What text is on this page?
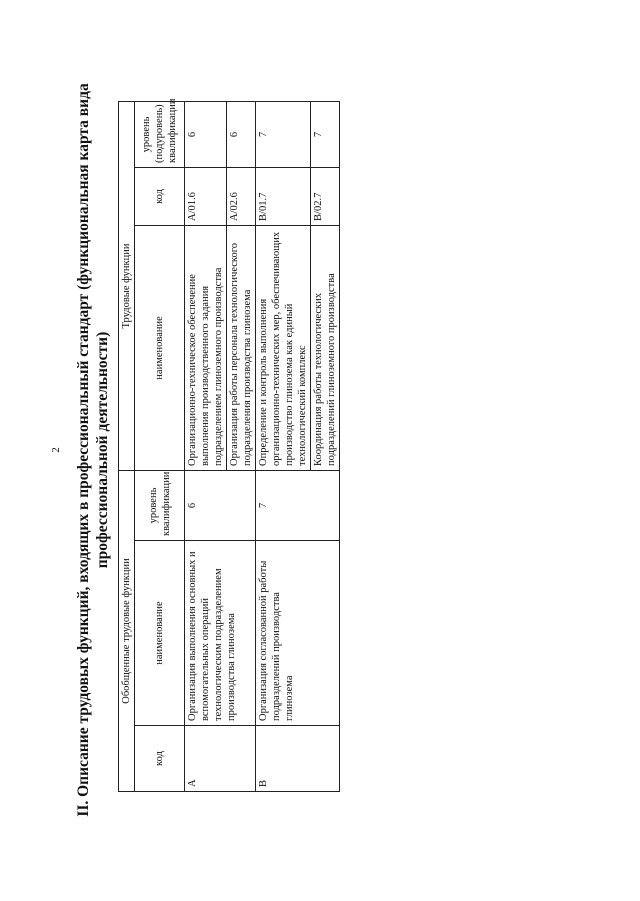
2 II. Описание трудовых функций, входящих в профессиональный стандарт (функциональная карта вида профессиональной деятельности)
Обобщенные трудовые функции			Трудовые функции		
код	наименование	уровень квалификации	наименование	код	уровень (подуровень) квалификации
A	Организация выполнения основных и вспомогательных операций технологическим подразделением производства глинозема	6	Организационно-техническое обеспечение выполнения производственного задания подразделением глиноземного производства	A/01.6	6
			Организация работы персонала технологического подразделения производства глинозема	A/02.6	6
B	Организация согласованной работы подразделений производства глинозема	7	Определение и контроль выполнения организационно-технических мер, обеспечивающих производство глинозема как единый технологический комплекс	B/01.7	7
			Координация работы технологических подразделений глиноземного производства	B/02.7	7
